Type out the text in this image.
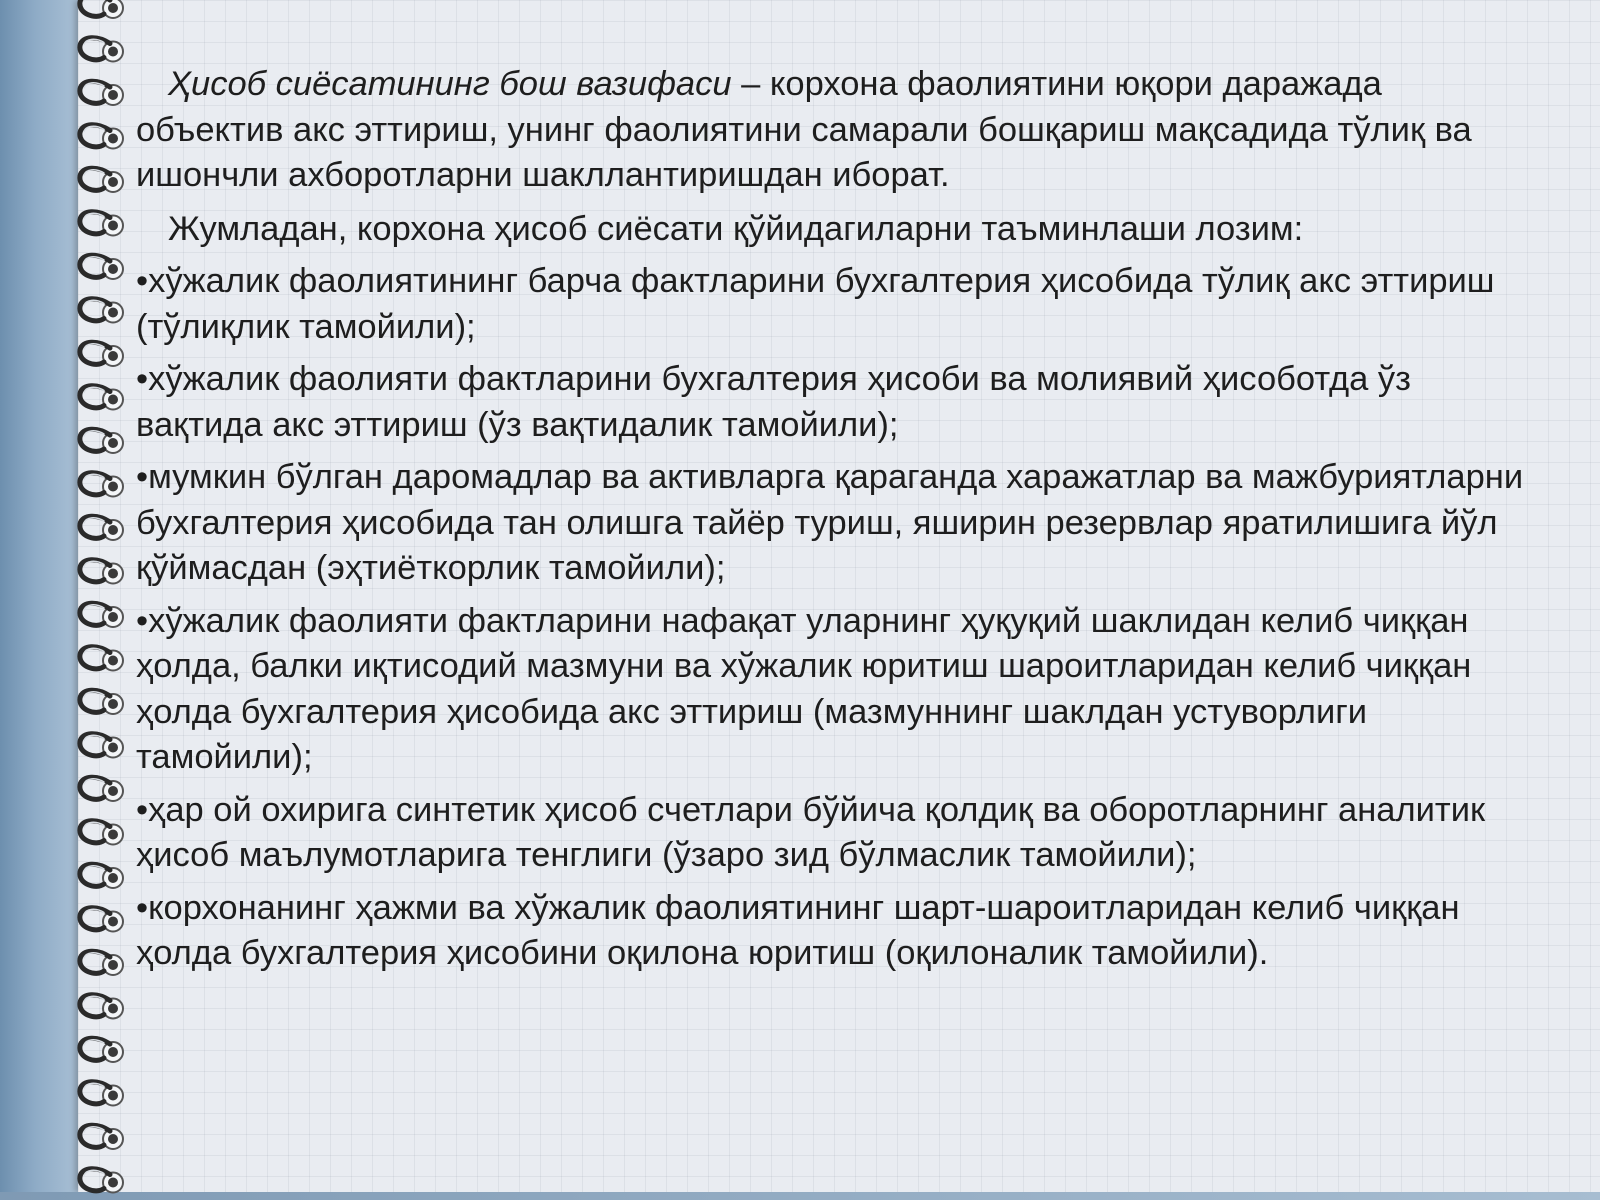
Ҳисоб сиёсатининг бош вазифаси – корхона фаолиятини юқори даражада объектив акс эттириш, унинг фаолиятини самарали бошқариш мақсадида тўлиқ ва ишончли ахборотларни шакллантиришдан иборат.

Жумладан, корхона ҳисоб сиёсати қўйидагиларни таъминлаши лозим:

•хўжалик фаолиятининг барча фактларини бухгалтерия ҳисобида тўлиқ акс эттириш (тўлиқлик тамойили);

•хўжалик фаолияти фактларини бухгалтерия ҳисоби ва молиявий ҳисоботда ўз вақтида акс эттириш (ўз вақтидалик тамойили);

•мумкин бўлган даромадлар ва активларга қараганда харажатлар ва мажбуриятларни бухгалтерия ҳисобида тан олишга тайёр туриш, яширин резервлар яратилишига йўл қўймасдан (эҳтиёткорлик тамойили);

•хўжалик фаолияти фактларини нафақат уларнинг ҳуқуқий шаклидан келиб чиққан ҳолда, балки иқтисодий мазмуни ва хўжалик юритиш шароитларидан келиб чиққан ҳолда бухгалтерия ҳисобида акс эттириш (мазмуннинг шаклдан устуворлиги тамойили);

•ҳар ой охирига синтетик ҳисоб счетлари бўйича қолдиқ ва оборотларнинг аналитик ҳисоб маълумотларига тенглиги (ўзаро зид бўлмаслик тамойили);

•корхонанинг ҳажми ва хўжалик фаолиятининг шарт-шароитларидан келиб чиққан ҳолда бухгалтерия ҳисобини оқилона юритиш (оқилоналик тамойили).
